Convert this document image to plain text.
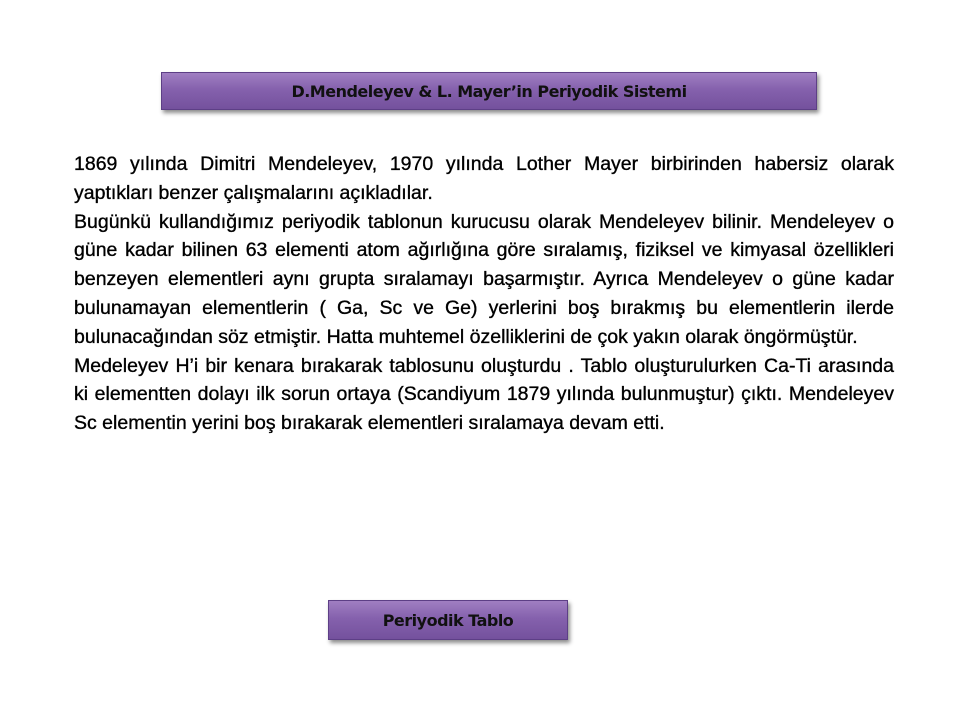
D.Mendeleyev & L. Mayer’in Periyodik Sistemi

1869 yılında Dimitri Mendeleyev, 1970 yılında Lother Mayer birbirinden habersiz olarak yaptıkları benzer çalışmalarını açıkladılar.

Bugünkü kullandığımız periyodik tablonun kurucusu olarak Mendeleyev bilinir. Mendeleyev o güne kadar bilinen 63 elementi atom ağırlığına göre sıralamış, fiziksel ve kimyasal özellikleri benzeyen elementleri aynı grupta sıralamayı başarmıştır. Ayrıca Mendeleyev o güne kadar bulunamayan elementlerin ( Ga, Sc ve Ge) yerlerini boş bırakmış bu elementlerin ilerde bulunacağından söz etmiştir. Hatta muhtemel özelliklerini de çok yakın olarak öngörmüştür.

Medeleyev H’i bir kenara bırakarak tablosunu oluşturdu . Tablo oluşturulurken Ca-Ti arasında ki elementten dolayı ilk sorun ortaya (Scandiyum 1879 yılında bulunmuştur) çıktı. Mendeleyev Sc elementin yerini boş bırakarak elementleri sıralamaya devam etti.

Periyodik Tablo
